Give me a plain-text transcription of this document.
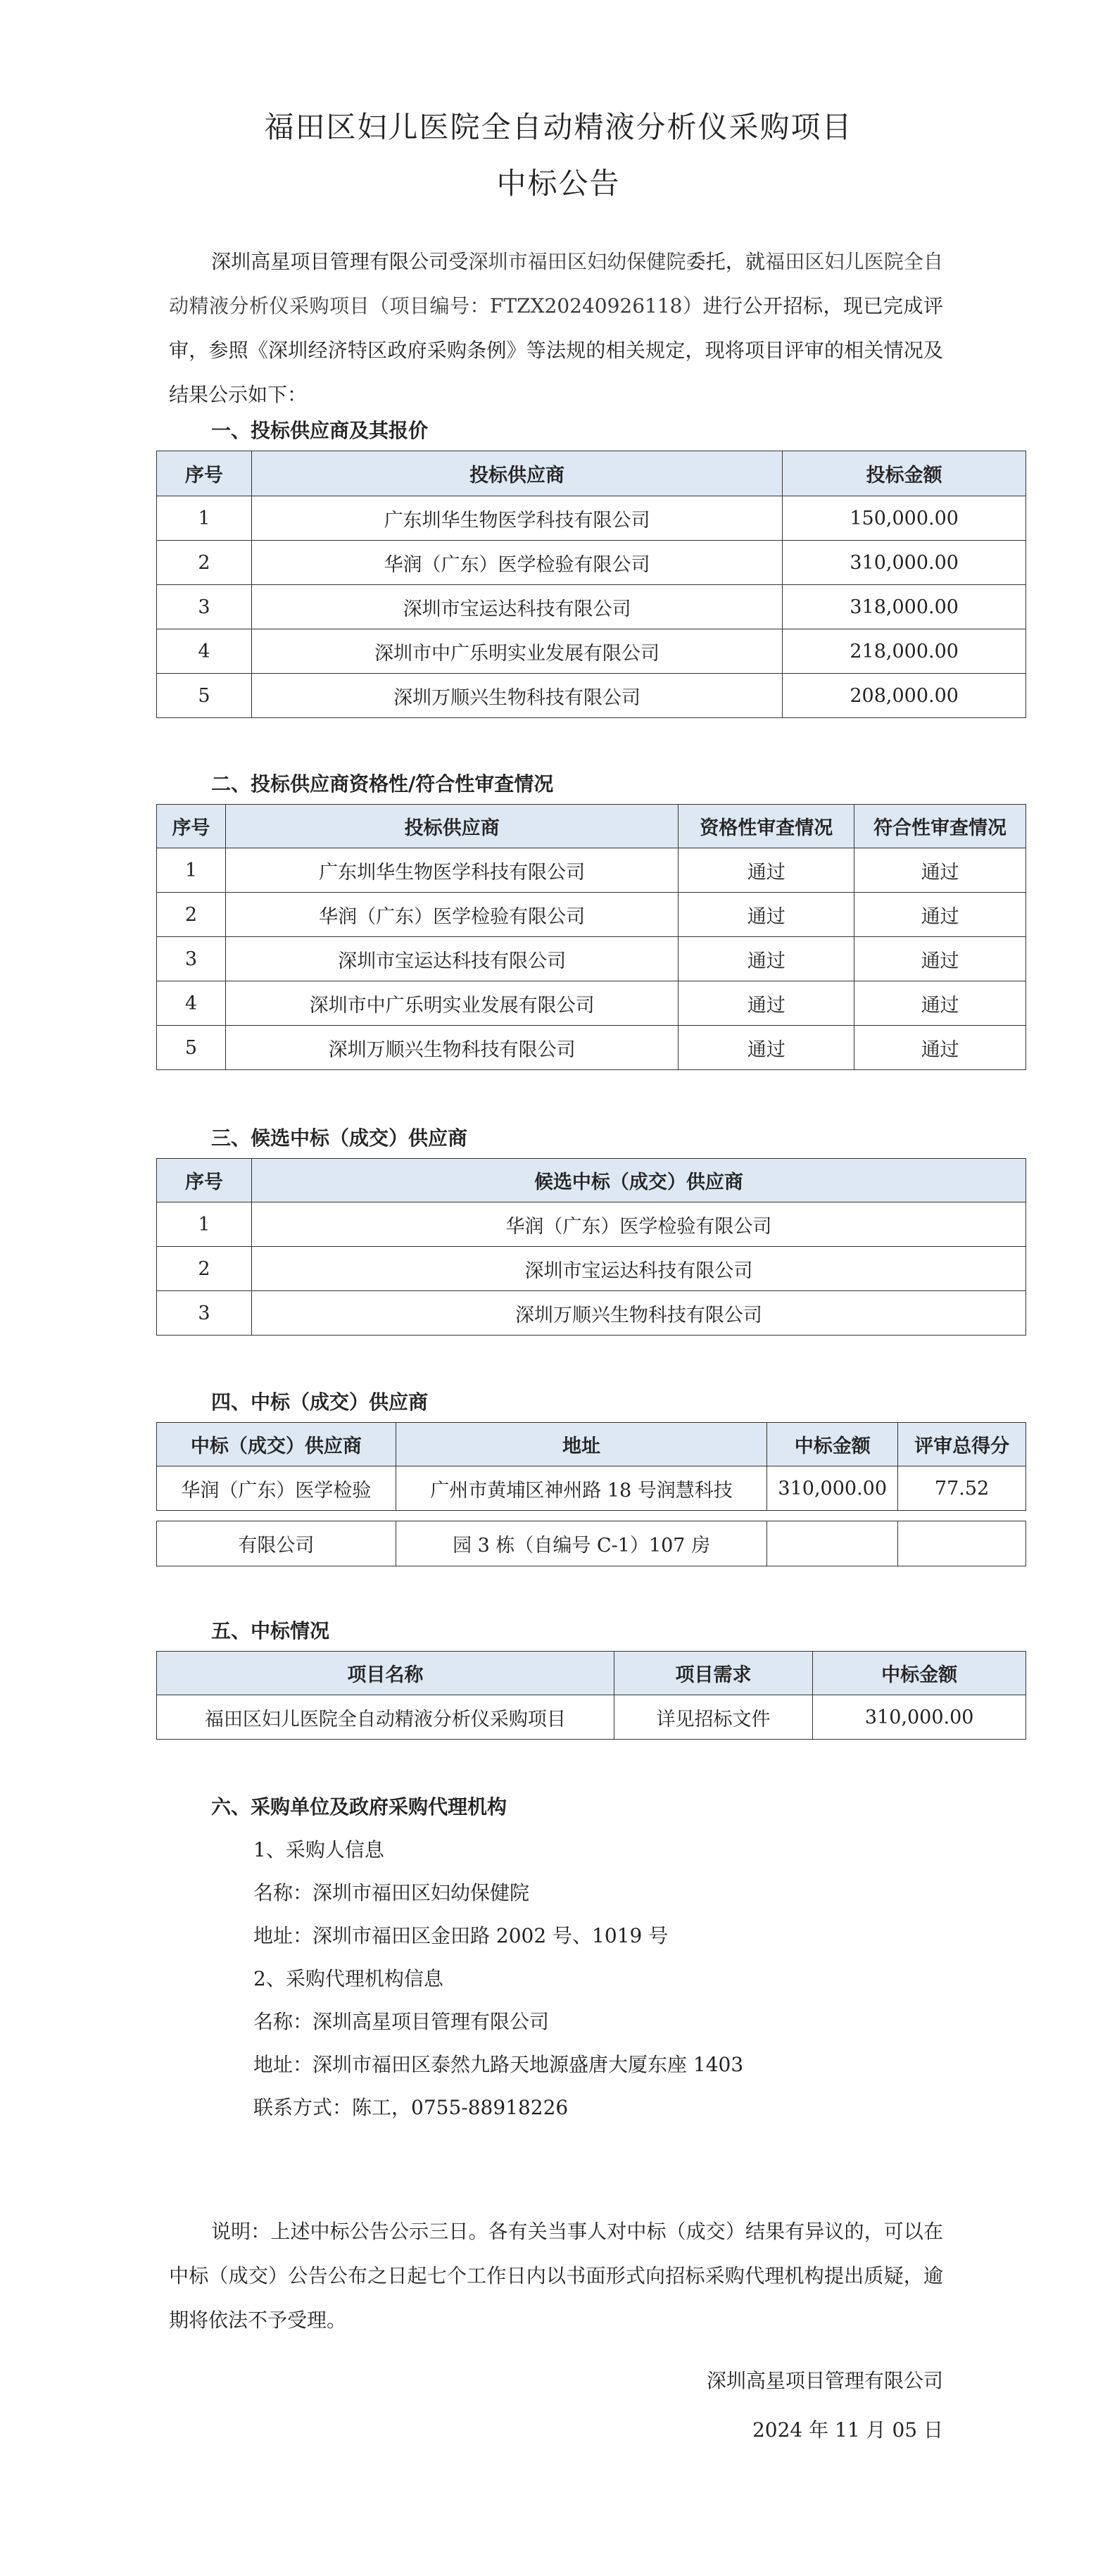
福田区妇儿医院全自动精液分析仪采购项目
中标公告
深圳高星项目管理有限公司受深圳市福田区妇幼保健院委托，就福田区妇儿医院全自动精液分析仪采购项目（项目编号：FTZX20240926118）进行公开招标，现已完成评审，参照《深圳经济特区政府采购条例》等法规的相关规定，现将项目评审的相关情况及结果公示如下：
一、投标供应商及其报价
序号	投标供应商	投标金额
1	广东圳华生物医学科技有限公司	150,000.00
2	华润（广东）医学检验有限公司	310,000.00
3	深圳市宝运达科技有限公司	318,000.00
4	深圳市中广乐明实业发展有限公司	218,000.00
5	深圳万顺兴生物科技有限公司	208,000.00
二、投标供应商资格性/符合性审查情况
序号	投标供应商	资格性审查情况	符合性审查情况
1	广东圳华生物医学科技有限公司	通过	通过
2	华润（广东）医学检验有限公司	通过	通过
3	深圳市宝运达科技有限公司	通过	通过
4	深圳市中广乐明实业发展有限公司	通过	通过
5	深圳万顺兴生物科技有限公司	通过	通过
三、候选中标（成交）供应商
序号	候选中标（成交）供应商
1	华润（广东）医学检验有限公司
2	深圳市宝运达科技有限公司
3	深圳万顺兴生物科技有限公司
四、中标（成交）供应商
中标（成交）供应商	地址	中标金额	评审总得分
华润（广东）医学检验	广州市黄埔区神州路 18 号润慧科技	310,000.00	77.52
有限公司	园 3 栋（自编号 C-1）107 房		
五、中标情况
项目名称	项目需求	中标金额
福田区妇儿医院全自动精液分析仪采购项目	详见招标文件	310,000.00
六、采购单位及政府采购代理机构
1、采购人信息
名称：深圳市福田区妇幼保健院
地址：深圳市福田区金田路 2002 号、1019 号
2、采购代理机构信息
名称：深圳高星项目管理有限公司
地址：深圳市福田区泰然九路天地源盛唐大厦东座 1403
联系方式：陈工，0755-88918226
说明：上述中标公告公示三日。各有关当事人对中标（成交）结果有异议的，可以在中标（成交）公告公布之日起七个工作日内以书面形式向招标采购代理机构提出质疑，逾期将依法不予受理。
深圳高星项目管理有限公司
2024 年 11 月 05 日
